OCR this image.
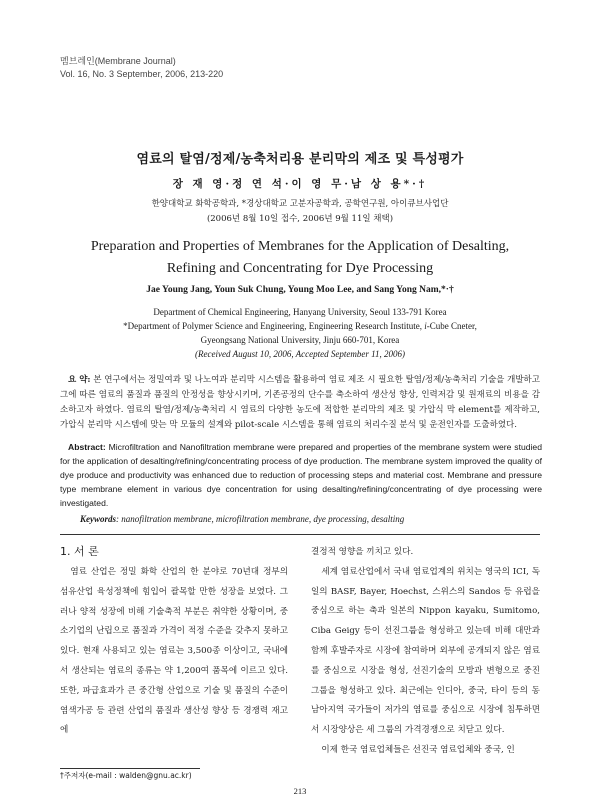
멤브레인(Membrane Journal)
Vol. 16, No. 3 September, 2006, 213-220
염료의 탈염/정제/농축처리용 분리막의 제조 및 특성평가
장 재 영·정 연 석·이 영 무·남 상 용*·†
한양대학교 화학공학과, *경상대학교 고분자공학과, 공학연구원, 아이큐브사업단
(2006년 8월 10일 접수, 2006년 9월 11일 채택)
Preparation and Properties of Membranes for the Application of Desalting,
Refining and Concentrating for Dye Processing
Jae Young Jang, Youn Suk Chung, Young Moo Lee, and Sang Yong Nam,*·†
Department of Chemical Engineering, Hanyang University, Seoul 133-791 Korea
*Department of Polymer Science and Engineering, Engineering Research Institute, i-Cube Cneter,
Gyeongsang National University, Jinju 660-701, Korea
(Received August 10, 2006, Accepted September 11, 2006)
요 약: 본 연구에서는 정밀여과 및 나노여과 분리막 시스템을 활용하여 염료 제조 시 필요한 탈염/정제/농축처리 기술을 개발하고 그에 따른 염료의 품질과 품질의 안정성을 향상시키며, 기존공정의 단수를 축소하여 생산성 향상, 인력저감 및 원재료의 비용을 감소하고자 하였다. 염료의 탈염/정제/농축처리 시 염료의 다양한 농도에 적합한 분리막의 제조 및 가압식 막 element를 제작하고, 가압식 분리막 시스템에 맞는 막 모듈의 설계와 pilot-scale 시스템을 통해 염료의 처리수질 분석 및 운전인자를 도출하였다.
Abstract: Microfiltration and Nanofiltration membrane were prepared and properties of the membrane system were studied for the application of desalting/refining/concentrating process of dye production. The membrane system improved the quality of dye produce and productivity was enhanced due to reduction of processing steps and material cost. Membrane and pressure type membrane element in various dye concentration for using desalting/refining/concentrating of dye processing were investigated.
Keywords: nanofiltration membrane, microfiltration membrane, dye processing, desalting
1. 서 론

염료 산업은 정밀 화학 산업의 한 분야로 70년대 정부의 섬유산업 육성정책에 힘입어 괄목할 만한 성장을 보였다. 그러나 양적 성장에 비해 기술축적 부분은 취약한 상황이며, 중소기업의 난립으로 품질과 가격이 적정 수준을 갖추지 못하고 있다. 현재 사용되고 있는 염료는 3,500종 이상이고, 국내에서 생산되는 염료의 종류는 약 1,200여 품목에 이르고 있다. 또한, 파급효과가 큰 중간형 산업으로 기술 및 품질의 수준이 염색가공 등 관련 산업의 품질과 생산성 향상 등 경쟁력 재고에

†주저자(e-mail : walden@gnu.ac.kr)

결정적 영향을 끼치고 있다.

세계 염료산업에서 국내 염료업계의 위치는 영국의 ICI, 독일의 BASF, Bayer, Hoechst, 스위스의 Sandos 등 유럽을 중심으로 하는 축과 일본의 Nippon kayaku, Sumitomo, Ciba Geigy 등이 선진그룹을 형성하고 있는데 비해 대만과 함께 후발주자로 시장에 참여하며 외부에 공개되지 않은 염료를 중심으로 시장을 형성, 선진기술의 모방과 변형으로 중진그룹을 형성하고 있다. 최근에는 인디아, 중국, 타이 등의 동남아지역 국가들이 저가의 염료를 중심으로 시장에 침투하면서 시장양상은 세 그룹의 가격경쟁으로 치닫고 있다.

이제 한국 염료업체들은 선진국 염료업체와 중국, 인

213
